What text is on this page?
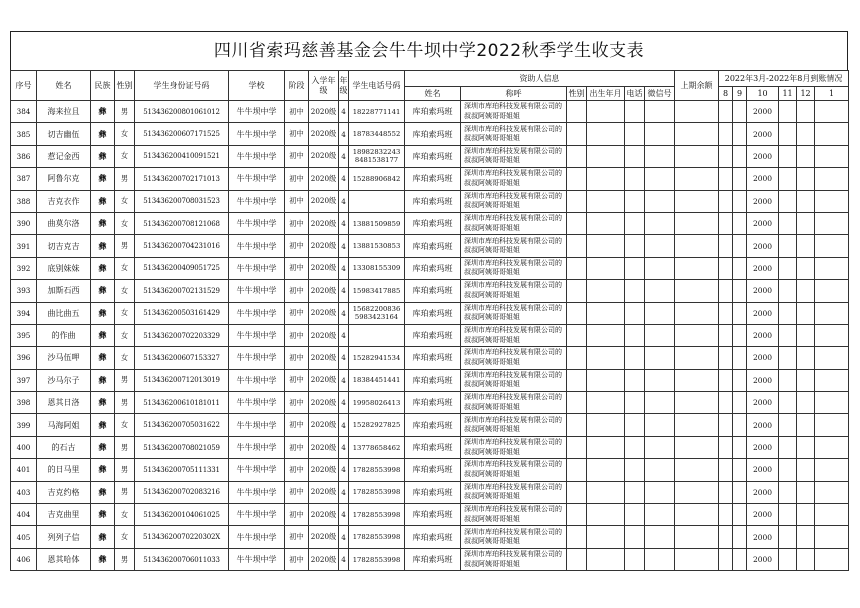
四川省索玛慈善基金会牛牛坝中学2022秋季学生收支表
序号	姓名	民族	性别	学生身份证号码	学校	阶段	入学年级	年级	学生电话号码	资助人信息						上期余额	2022年3月-2022年8月到账情况					
										姓名	称呼	性别	出生年月	电话	微信号		8	9	10	11	12	1
384	海来拉且	彝	男	513436200801061012	牛牛坝中学	初中	2020级	4	18228771141	库珀索玛班	深圳市库珀科技发展有限公司的叔叔阿姨哥哥姐姐								2000			
385	切吉幽伍	彝	女	513436200607171525	牛牛坝中学	初中	2020级	4	18783448552	库珀索玛班	深圳市库珀科技发展有限公司的叔叔阿姨哥哥姐姐								2000			
386	惹记金西	彝	女	513436200410091521	牛牛坝中学	初中	2020级	4	18982832243
8481538177	库珀索玛班	深圳市库珀科技发展有限公司的叔叔阿姨哥哥姐姐								2000			
387	阿鲁尔克	彝	男	513436200702171013	牛牛坝中学	初中	2020级	4	15288906842	库珀索玛班	深圳市库珀科技发展有限公司的叔叔阿姨哥哥姐姐								2000			
388	吉克衣作	彝	女	513436200708031523	牛牛坝中学	初中	2020级	4		库珀索玛班	深圳市库珀科技发展有限公司的叔叔阿姨哥哥姐姐								2000			
390	曲莫尔洛	彝	女	513436200708121068	牛牛坝中学	初中	2020级	4	13881509859	库珀索玛班	深圳市库珀科技发展有限公司的叔叔阿姨哥哥姐姐								2000			
391	切吉克吉	彝	男	513436200704231016	牛牛坝中学	初中	2020级	4	13881530853	库珀索玛班	深圳市库珀科技发展有限公司的叔叔阿姨哥哥姐姐								2000			
392	底别妹妹	彝	女	513436200409051725	牛牛坝中学	初中	2020级	4	13308155309	库珀索玛班	深圳市库珀科技发展有限公司的叔叔阿姨哥哥姐姐								2000			
393	加斯石西	彝	女	513436200702131529	牛牛坝中学	初中	2020级	4	15983417885	库珀索玛班	深圳市库珀科技发展有限公司的叔叔阿姨哥哥姐姐								2000			
394	曲比曲五	彝	女	513436200503161429	牛牛坝中学	初中	2020级	4	15682200836
5983423164	库珀索玛班	深圳市库珀科技发展有限公司的叔叔阿姨哥哥姐姐								2000			
395	的作曲	彝	女	513436200702203329	牛牛坝中学	初中	2020级	4		库珀索玛班	深圳市库珀科技发展有限公司的叔叔阿姨哥哥姐姐								2000			
396	沙马伍呷	彝	女	513436200607153327	牛牛坝中学	初中	2020级	4	15282941534	库珀索玛班	深圳市库珀科技发展有限公司的叔叔阿姨哥哥姐姐								2000			
397	沙马尔子	彝	男	513436200712013019	牛牛坝中学	初中	2020级	4	18384451441	库珀索玛班	深圳市库珀科技发展有限公司的叔叔阿姨哥哥姐姐								2000			
398	恩其日洛	彝	男	513436200610181011	牛牛坝中学	初中	2020级	4	19958026413	库珀索玛班	深圳市库珀科技发展有限公司的叔叔阿姨哥哥姐姐								2000			
399	马海阿姐	彝	女	513436200705031622	牛牛坝中学	初中	2020级	4	15282927825	库珀索玛班	深圳市库珀科技发展有限公司的叔叔阿姨哥哥姐姐								2000			
400	的石古	彝	男	513436200708021059	牛牛坝中学	初中	2020级	4	13778658462	库珀索玛班	深圳市库珀科技发展有限公司的叔叔阿姨哥哥姐姐								2000			
401	的日马里	彝	男	513436200705111331	牛牛坝中学	初中	2020级	4	17828553998	库珀索玛班	深圳市库珀科技发展有限公司的叔叔阿姨哥哥姐姐								2000			
403	吉克约格	彝	男	513436200702083216	牛牛坝中学	初中	2020级	4	17828553998	库珀索玛班	深圳市库珀科技发展有限公司的叔叔阿姨哥哥姐姐								2000			
404	吉克曲里	彝	女	513436200104061025	牛牛坝中学	初中	2020级	4	17828553998	库珀索玛班	深圳市库珀科技发展有限公司的叔叔阿姨哥哥姐姐								2000			
405	列列子信	彝	女	51343620070220302X	牛牛坝中学	初中	2020级	4	17828553998	库珀索玛班	深圳市库珀科技发展有限公司的叔叔阿姨哥哥姐姐								2000			
406	恩其哈体	彝	男	513436200706011033	牛牛坝中学	初中	2020级	4	17828553998	库珀索玛班	深圳市库珀科技发展有限公司的叔叔阿姨哥哥姐姐								2000			
